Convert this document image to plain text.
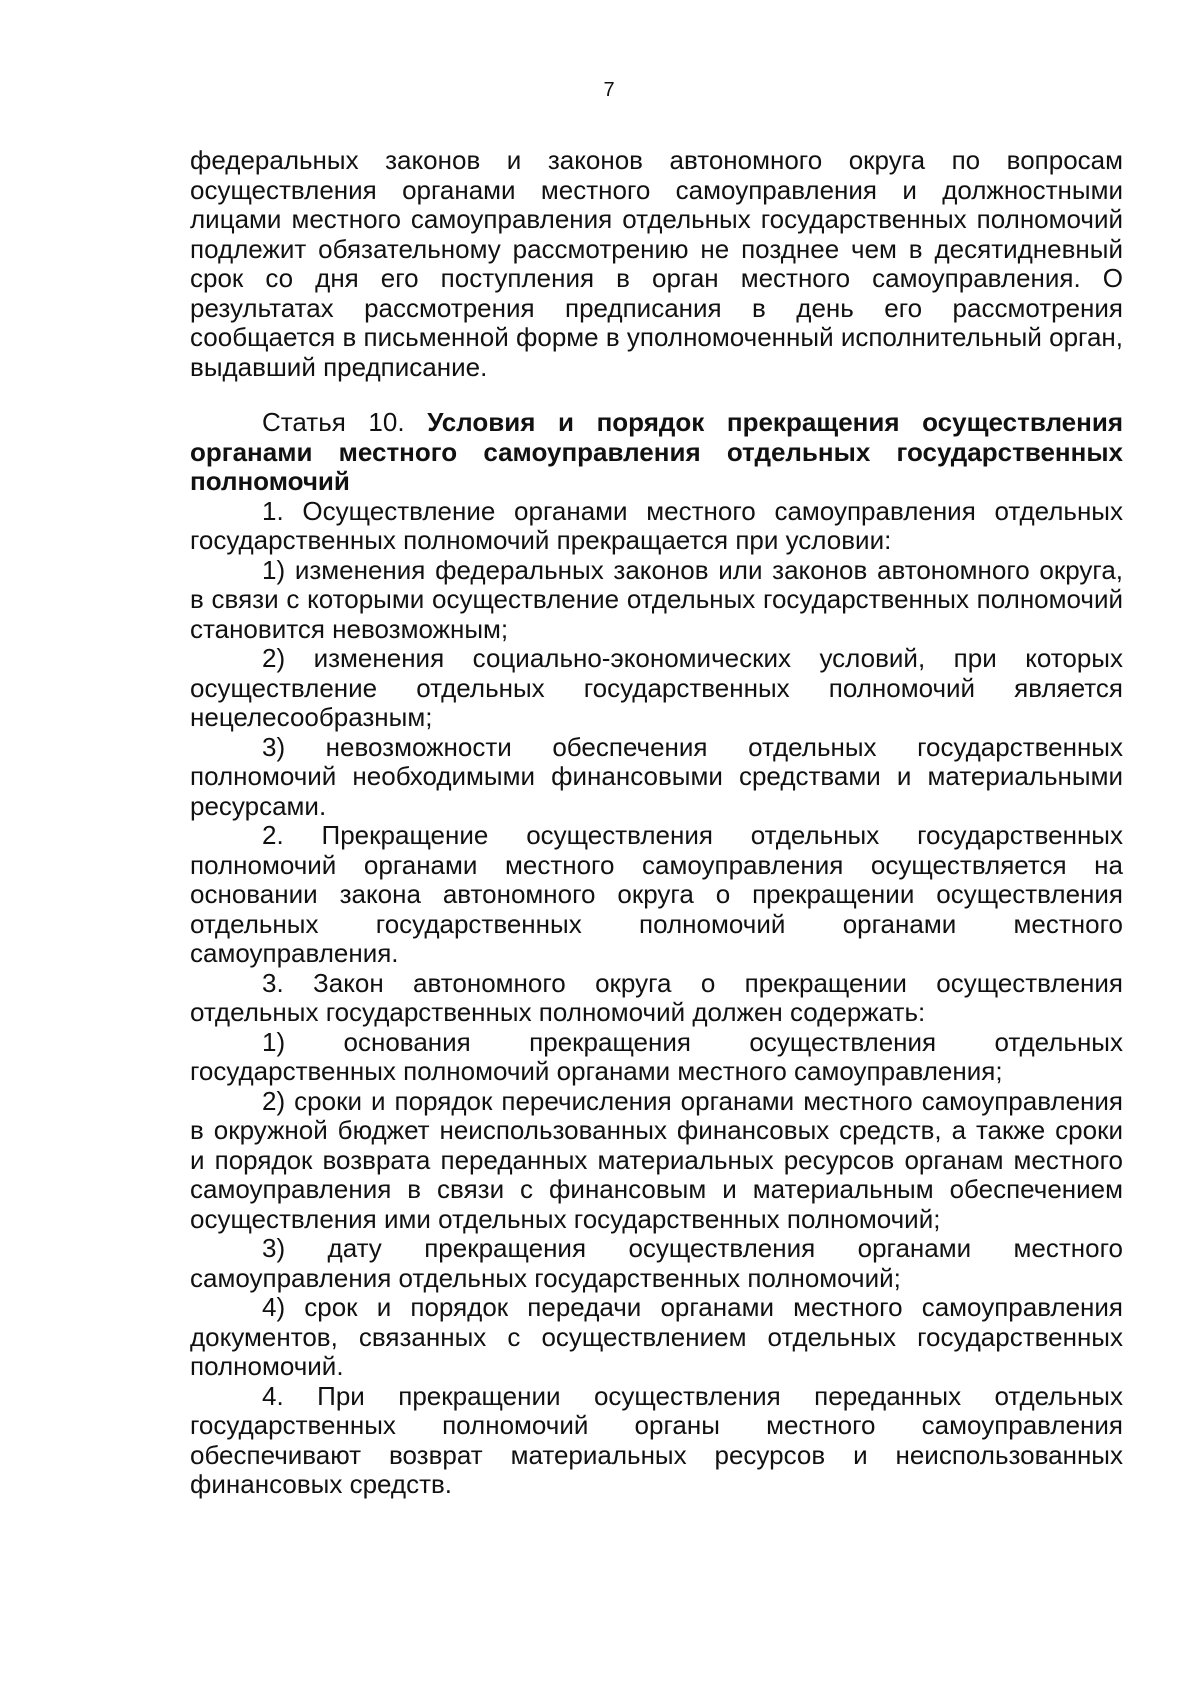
7

федеральных законов и законов автономного округа по вопросам осуществления органами местного самоуправления и должностными лицами местного самоуправления отдельных государственных полномочий подлежит обязательному рассмотрению не позднее чем в десятидневный срок со дня его поступления в орган местного самоуправления. О результатах рассмотрения предписания в день его рассмотрения сообщается в письменной форме в уполномоченный исполнительный орган, выдавший предписание.

Статья 10. Условия и порядок прекращения осуществления органами местного самоуправления отдельных государственных полномочий

1. Осуществление органами местного самоуправления отдельных государственных полномочий прекращается при условии:

1) изменения федеральных законов или законов автономного округа, в связи с которыми осуществление отдельных государственных полномочий становится невозможным;

2) изменения социально-экономических условий, при которых осуществление отдельных государственных полномочий является нецелесообразным;

3) невозможности обеспечения отдельных государственных полномочий необходимыми финансовыми средствами и материальными ресурсами.

2. Прекращение осуществления отдельных государственных полномочий органами местного самоуправления осуществляется на основании закона автономного округа о прекращении осуществления отдельных государственных полномочий органами местного самоуправления.

3. Закон автономного округа о прекращении осуществления отдельных государственных полномочий должен содержать:

1) основания прекращения осуществления отдельных государственных полномочий органами местного самоуправления;

2) сроки и порядок перечисления органами местного самоуправления в окружной бюджет неиспользованных финансовых средств, а также сроки и порядок возврата переданных материальных ресурсов органам местного самоуправления в связи с финансовым и материальным обеспечением осуществления ими отдельных государственных полномочий;

3) дату прекращения осуществления органами местного самоуправления отдельных государственных полномочий;

4) срок и порядок передачи органами местного самоуправления документов, связанных с осуществлением отдельных государственных полномочий.

4. При прекращении осуществления переданных отдельных государственных полномочий органы местного самоуправления обеспечивают возврат материальных ресурсов и неиспользованных финансовых средств.
